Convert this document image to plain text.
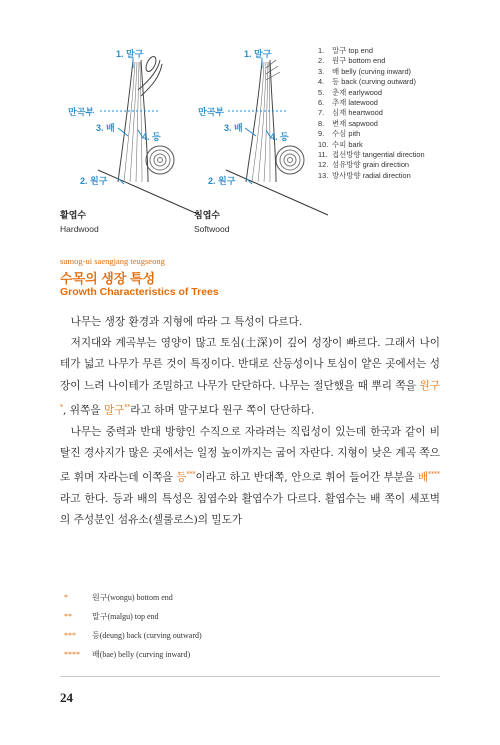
1. 말구
만곡부
3. 배
4. 등
2. 원구
1. 말구
만곡부
3. 배
4. 등
2. 원구
1.	말구 top end
2.	원구 bottom end
3.	배 belly (curving inward)
4.	등 back (curving outward)
5.	춘재 earlywood
6.	추재 latewood
7.	심재 heartwood
8.	변재 sapwood
9.	수심 pith
10. 수피 bark
11. 접선방향 tangential direction
12. 섬유방향 grain direction
13. 방사방향 radial direction
활엽수
Hardwood
침엽수
Softwood
sumog-ui saengjang teugseong
수목의 생장 특성
Growth Characteristics of Trees

나무는 생장 환경과 지형에 따라 그 특성이 다르다.

저지대와 계곡부는 영양이 많고 토심(土深)이 깊어 성장이 빠르다. 그래서 나이테가 넓고 나무가 무른 것이 특징이다. 반대로 산등성이나 토심이 얕은 곳에서는 성장이 느려 나이테가 조밀하고 나무가 단단하다. 나무는 절단했을 때 뿌리 쪽을 원구*, 위쪽을 말구**라고 하며 말구보다 원구 쪽이 단단하다.

나무는 중력과 반대 방향인 수직으로 자라려는 직립성이 있는데 한국과 같이 비탈진 경사지가 많은 곳에서는 일정 높이까지는 굽어 자란다. 지형이 낮은 계곡 쪽으로 휘며 자라는데 이쪽을 등***이라고 하고 반대쪽, 안으로 휘어 들어간 부분을 배****라고 한다. 등과 배의 특성은 침엽수와 활엽수가 다르다. 활엽수는 배 쪽이 세포벽의 주성분인 섬유소(셀룰로스)의 밀도가

*	원구(wongu) bottom end
**	말구(malgu) top end
*** 등(deung) back (curving outward)
**** 배(bae) belly (curving inward)
24
